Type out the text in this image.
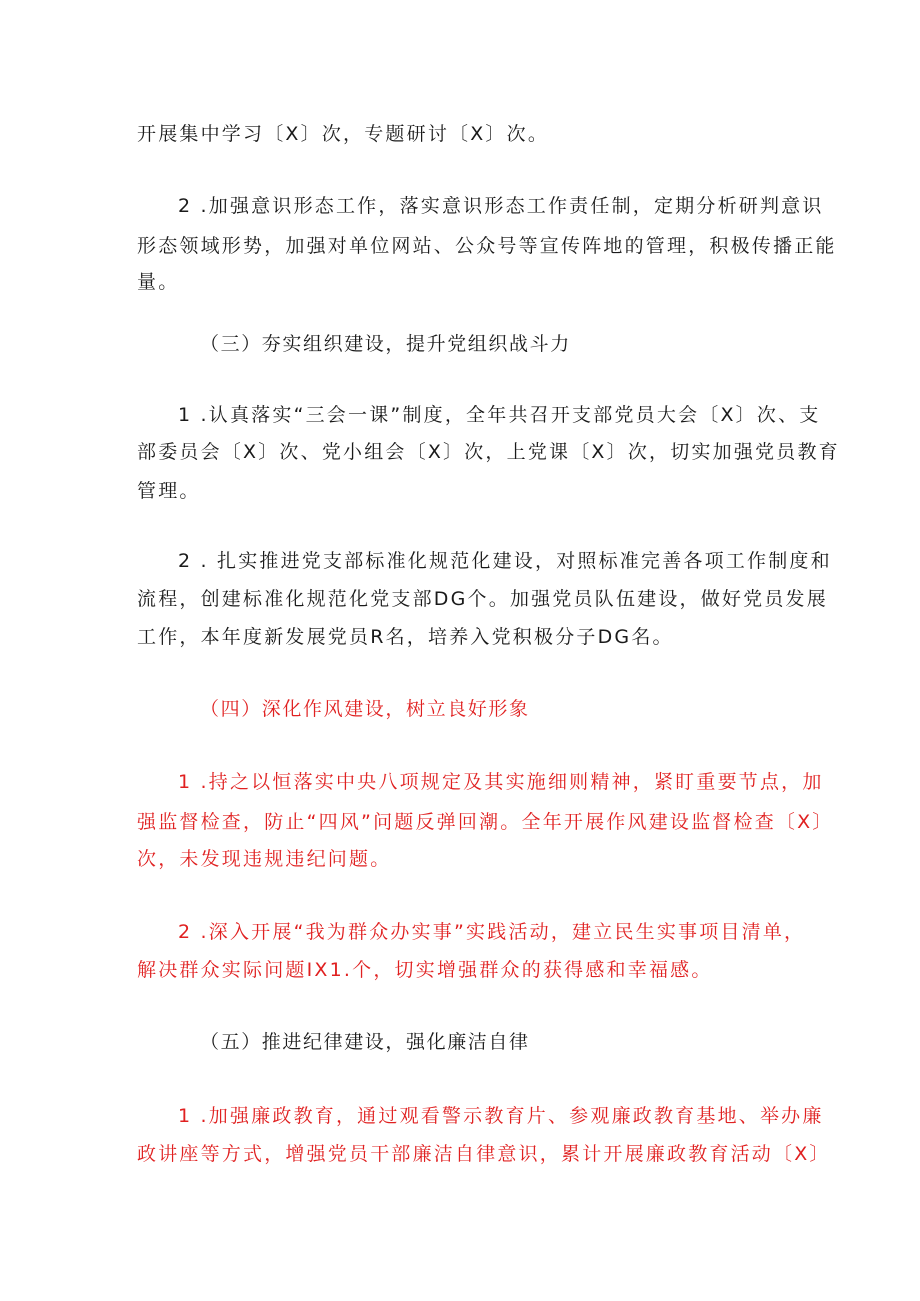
开展集中学习〔X〕次，专题研讨〔X〕次。
2 .加强意识形态工作，落实意识形态工作责任制，定期分析研判意识
形态领域形势，加强对单位网站、公众号等宣传阵地的管理，积极传播正能
量。
（三）夯实组织建设，提升党组织战斗力
1 .认真落实“三会一课”制度，全年共召开支部党员大会〔X〕次、支
部委员会〔X〕次、党小组会〔X〕次，上党课〔X〕次，切实加强党员教育
管理。
2 . 扎实推进党支部标准化规范化建设，对照标准完善各项工作制度和
流程，创建标准化规范化党支部DG个。加强党员队伍建设，做好党员发展
工作，本年度新发展党员R名，培养入党积极分子DG名。
（四）深化作风建设，树立良好形象
1 .持之以恒落实中央八项规定及其实施细则精神，紧盯重要节点，加
强监督检查，防止“四风”问题反弹回潮。全年开展作风建设监督检查〔X〕
次，未发现违规违纪问题。
2 .深入开展“我为群众办实事”实践活动，建立民生实事项目清单，
解决群众实际问题IX1.个，切实增强群众的获得感和幸福感。
（五）推进纪律建设，强化廉洁自律
1 .加强廉政教育，通过观看警示教育片、参观廉政教育基地、举办廉
政讲座等方式，增强党员干部廉洁自律意识，累计开展廉政教育活动〔X〕
